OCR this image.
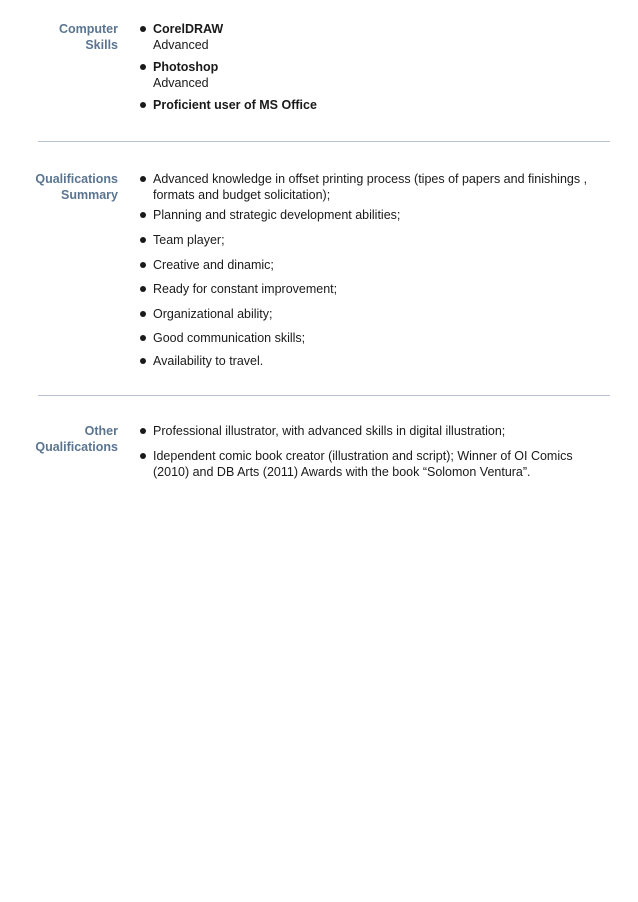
Computer
Skills
CorelDRAW
Advanced
Photoshop
Advanced
Proficient user of MS Office
Qualifications
Summary
Advanced knowledge in offset printing process (tipes of papers and finishings , formats and budget solicitation);
Planning and strategic development abilities;
Team player;
Creative and dinamic;
Ready for constant improvement;
Organizational ability;
Good communication skills;
Availability to travel.
Other
Qualifications
Professional illustrator, with advanced skills in digital illustration;
Idependent comic book creator (illustration and script); Winner of OI Comics (2010) and DB Arts (2011) Awards with the book “Solomon Ventura”.
